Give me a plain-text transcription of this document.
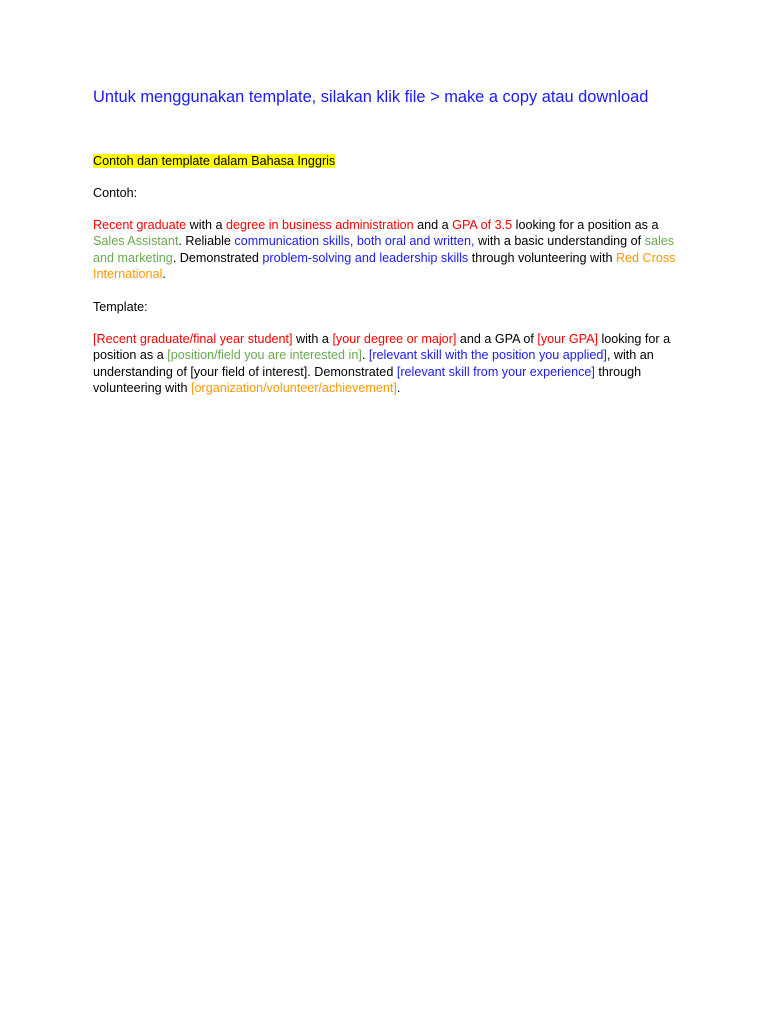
Untuk menggunakan template, silakan klik file > make a copy atau download
Contoh dan template dalam Bahasa Inggris

Contoh:

Recent graduate with a degree in business administration and a GPA of 3.5 looking for a position as a Sales Assistant. Reliable communication skills, both oral and written, with a basic understanding of sales and marketing. Demonstrated problem-solving and leadership skills through volunteering with Red Cross International.

Template:

[Recent graduate/final year student] with a [your degree or major] and a GPA of [your GPA] looking for a position as a [position/field you are interested in]. [relevant skill with the position you applied], with an understanding of [your field of interest]. Demonstrated [relevant skill from your experience] through volunteering with [organization/volunteer/achievement].
